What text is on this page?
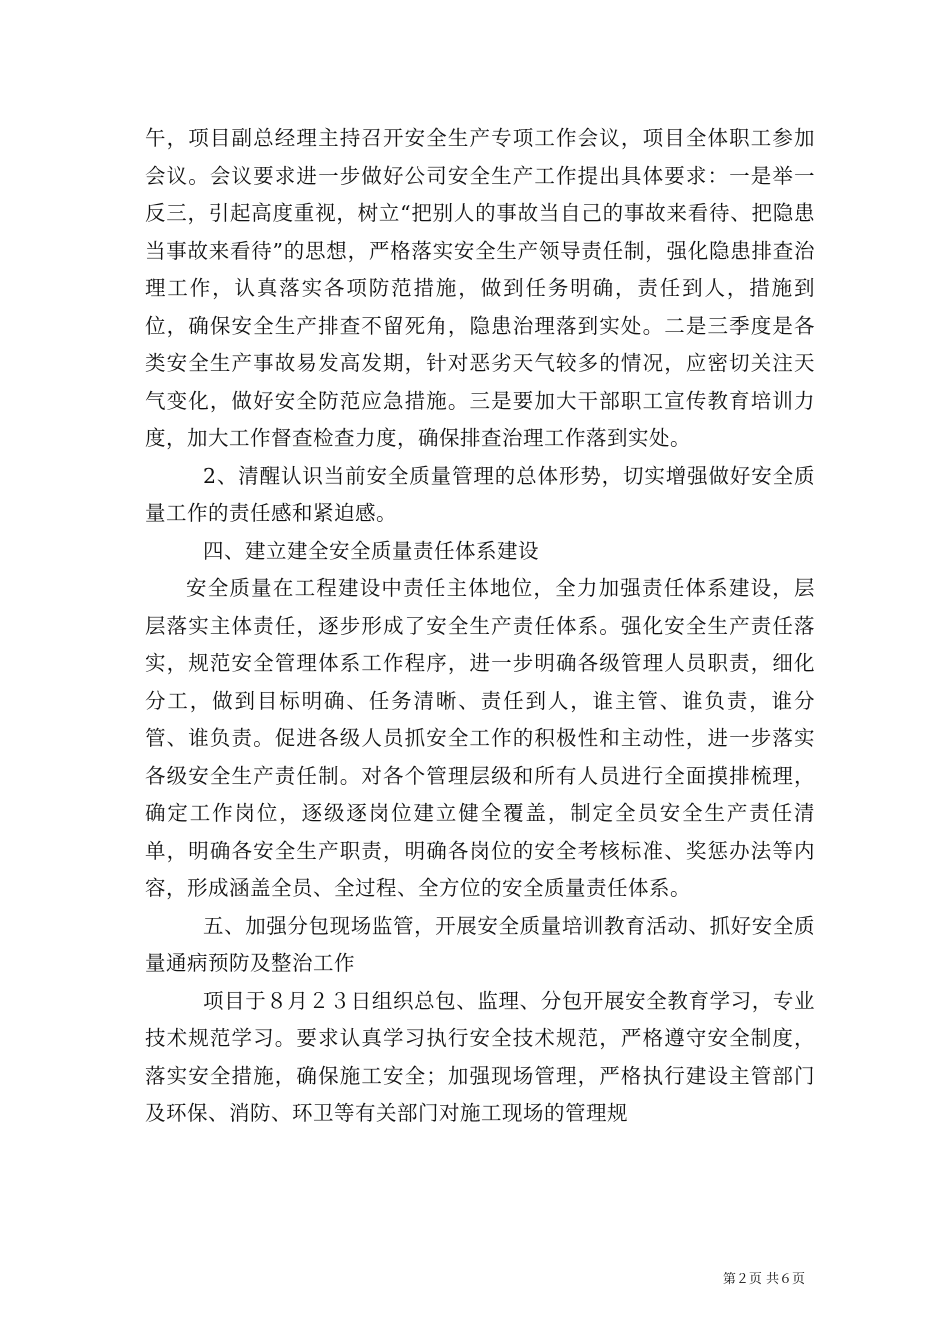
午，项目副总经理主持召开安全生产专项工作会议，项目全体职工参加会议。会议要求进一步做好公司安全生产工作提出具体要求：一是举一反三，引起高度重视，树立“把别人的事故当自己的事故来看待、把隐患当事故来看待”的思想，严格落实安全生产领导责任制，强化隐患排查治理工作，认真落实各项防范措施，做到任务明确，责任到人，措施到位，确保安全生产排查不留死角，隐患治理落到实处。二是三季度是各类安全生产事故易发高发期，针对恶劣天气较多的情况，应密切关注天气变化，做好安全防范应急措施。三是要加大干部职工宣传教育培训力度，加大工作督查检查力度，确保排查治理工作落到实处。

2、清醒认识当前安全质量管理的总体形势，切实增强做好安全质量工作的责任感和紧迫感。

四、建立建全安全质量责任体系建设

安全质量在工程建设中责任主体地位，全力加强责任体系建设，层层落实主体责任，逐步形成了安全生产责任体系。强化安全生产责任落实，规范安全管理体系工作程序，进一步明确各级管理人员职责，细化分工，做到目标明确、任务清晰、责任到人，谁主管、谁负责，谁分管、谁负责。促进各级人员抓安全工作的积极性和主动性，进一步落实各级安全生产责任制。对各个管理层级和所有人员进行全面摸排梳理，确定工作岗位，逐级逐岗位建立健全覆盖，制定全员安全生产责任清单，明确各安全生产职责，明确各岗位的安全考核标准、奖惩办法等内容，形成涵盖全员、全过程、全方位的安全质量责任体系。

五、加强分包现场监管，开展安全质量培训教育活动、抓好安全质量通病预防及整治工作

项目于８月２３日组织总包、监理、分包开展安全教育学习，专业技术规范学习。要求认真学习执行安全技术规范，严格遵守安全制度，落实安全措施，确保施工安全；加强现场管理，严格执行建设主管部门及环保、消防、环卫等有关部门对施工现场的管理规

第２页 共６页
